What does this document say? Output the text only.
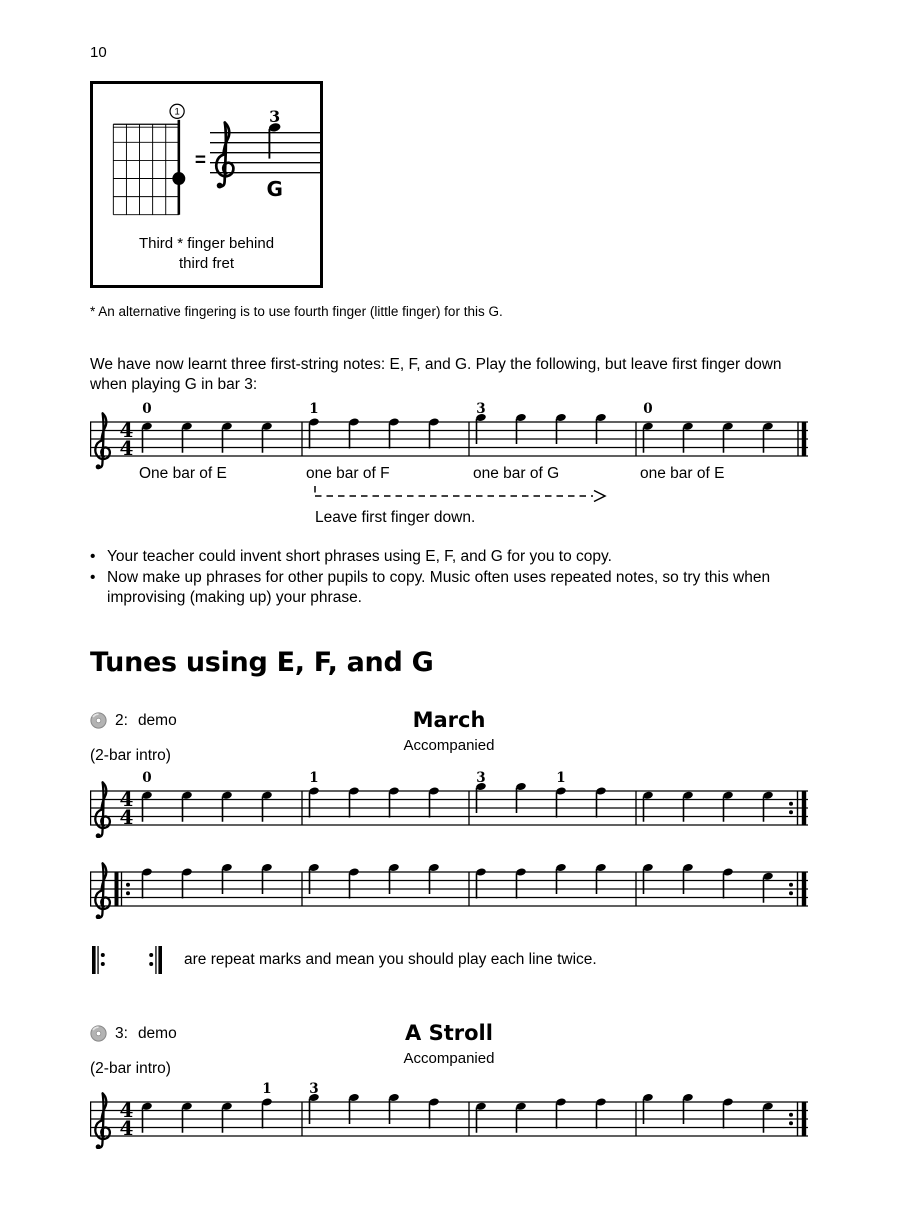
10
1
=
3
G
Third * finger behind
third fret
* An alternative fingering is to use fourth finger (little finger) for this G.

We have now learnt three first-string notes: E, F, and G. Play the following, but leave first finger down when playing G in bar 3:

4
4
0
One bar of E
1
one bar of F
3
one bar of G
0
one bar of E
Leave first finger down.
• Your teacher could invent short phrases using E, F, and G for you to copy.
• Now make up phrases for other pupils to copy. Music often uses repeated notes, so try this when improvising (making up) your phrase.
Tunes using E, F, and G
2: demo	March
Accompanied
(2-bar intro)
4
4
0	1	3	1
are repeat marks and mean you should play each line twice.
3: demo	A Stroll
Accompanied
(2-bar intro)
4
4
1	3
